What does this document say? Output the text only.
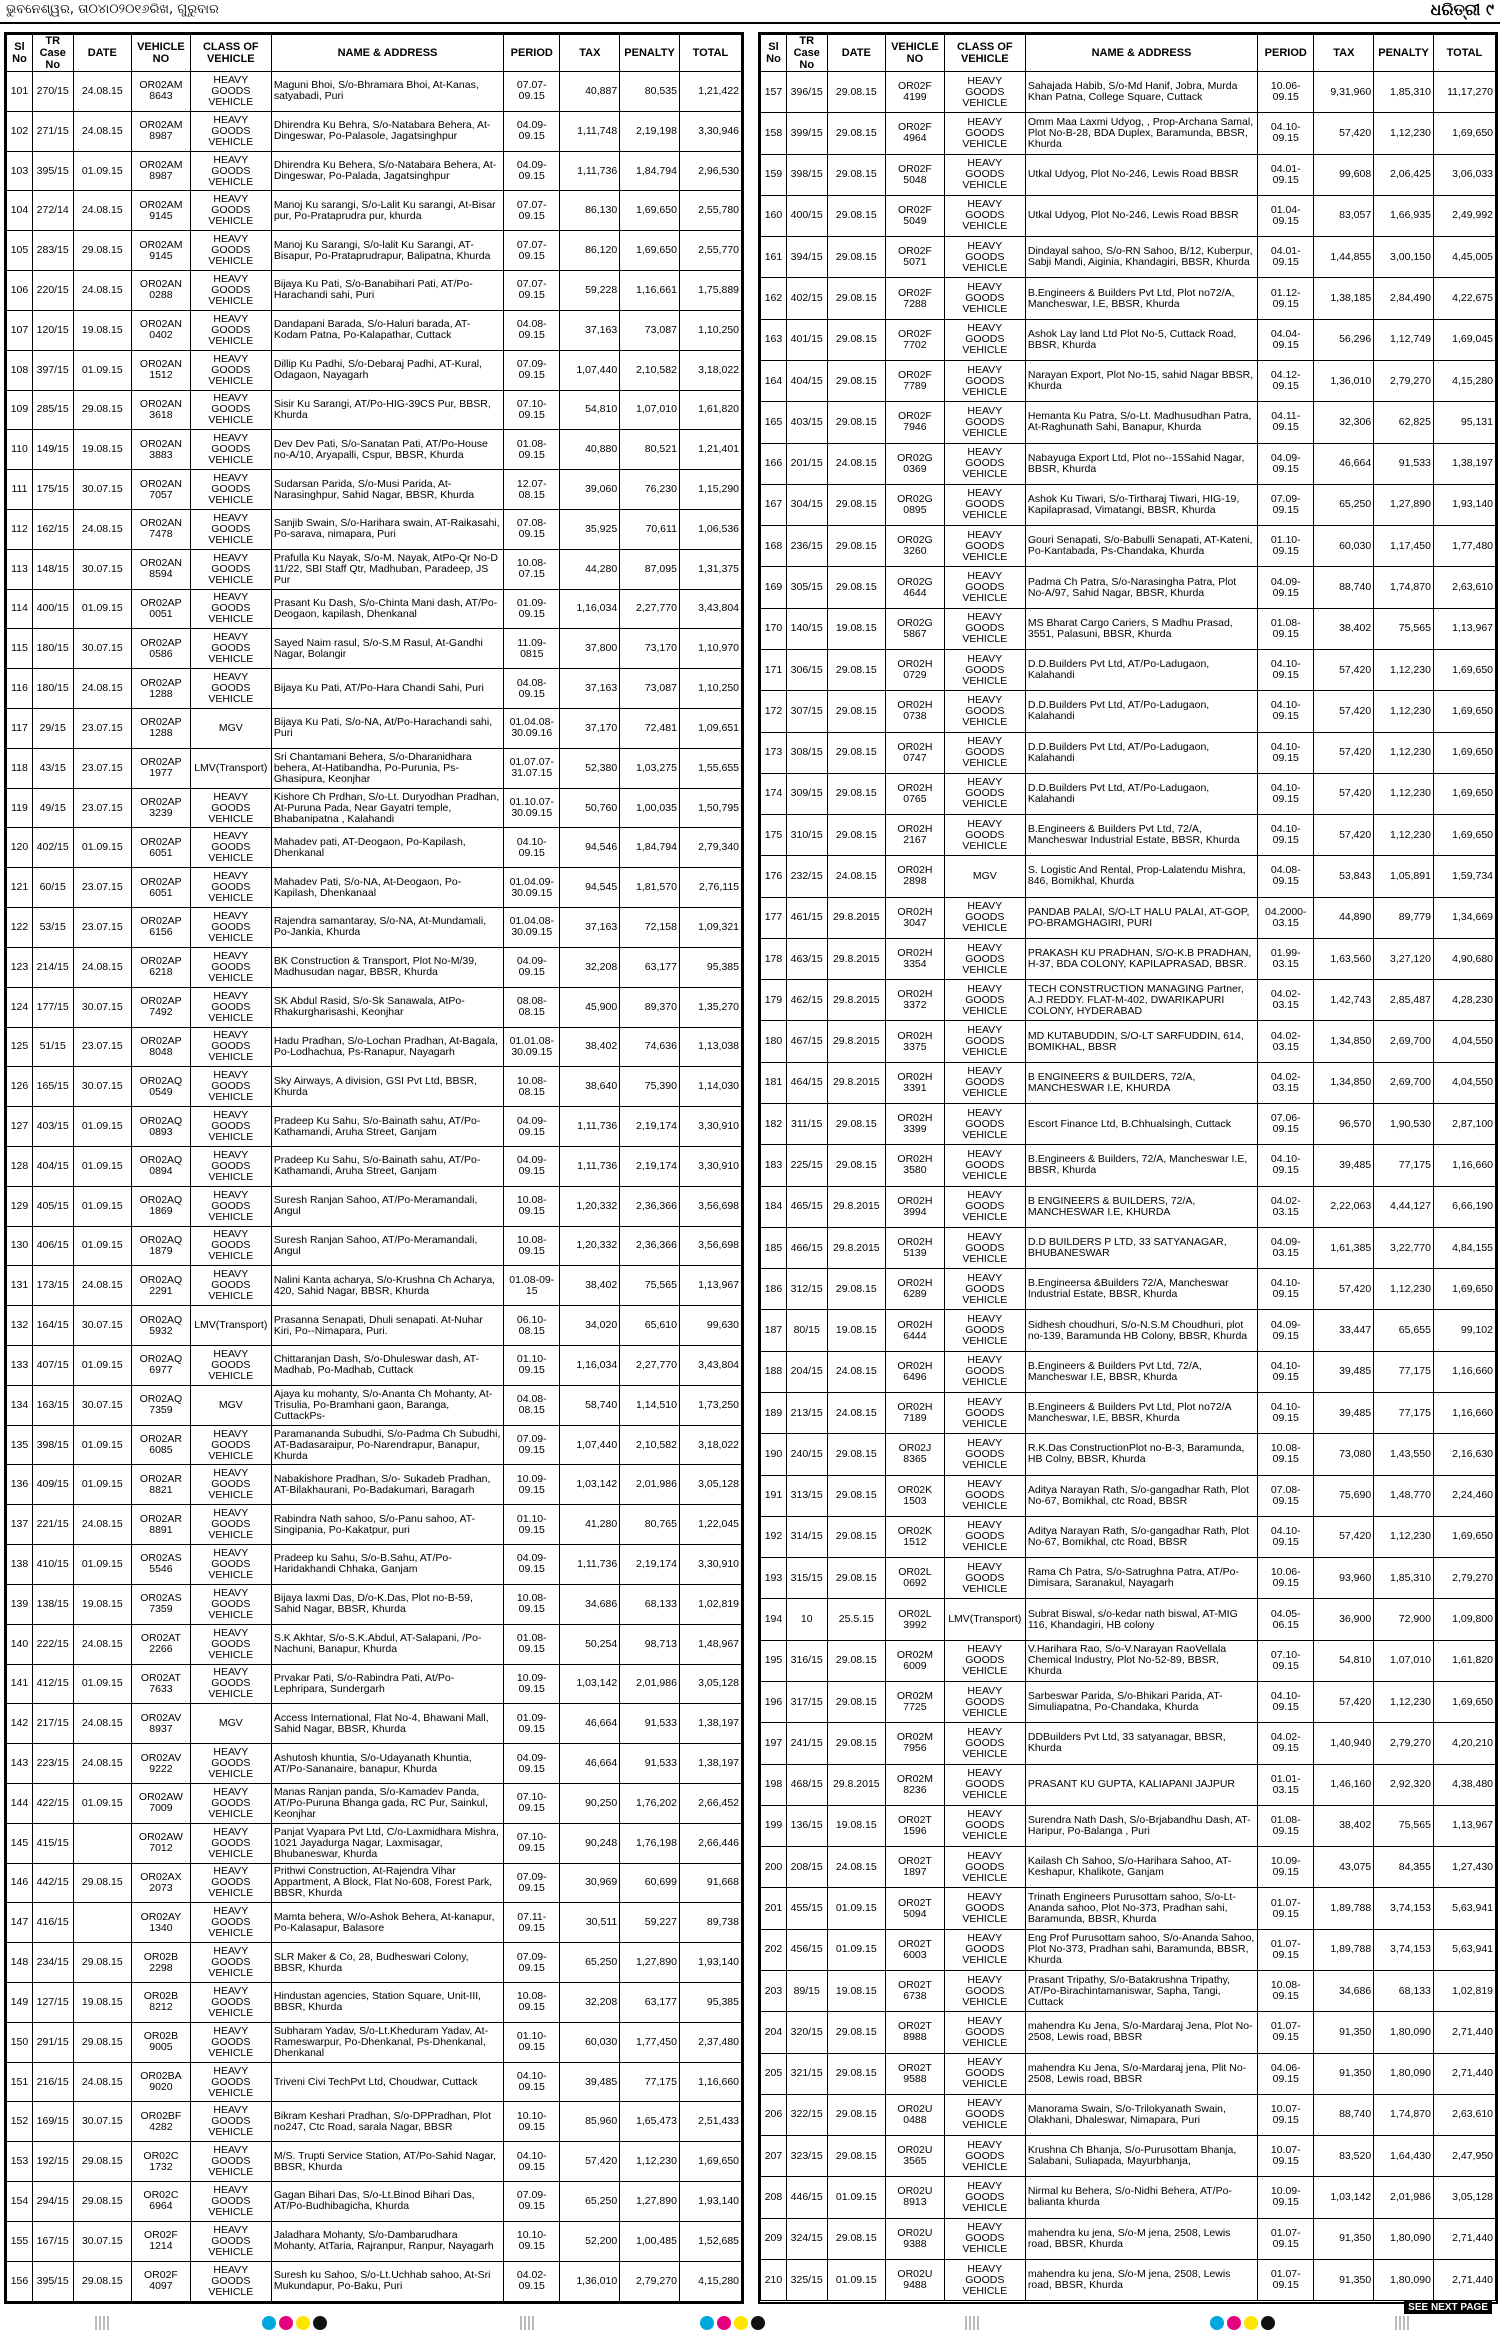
ଭୁବନେଶ୍ୱର, ତା୦୪ା୦୨୦୧୬ରିଖ, ଗୁରୁବାର	ଧରିତ୍ରୀ ୯
Sl No	TR Case No	DATE	VEHICLE NO	CLASS OF VEHICLE	NAME & ADDRESS	PERIOD	TAX	PENALTY	TOTAL
101	270/15	24.08.15	OR02AM 8643	HEAVY GOODS VEHICLE	Maguni Bhoi, S/o-Bhramara Bhoi, At-Kanas, satyabadi, Puri	07.07-09.15	40,887	80,535	1,21,422
102	271/15	24.08.15	OR02AM 8987	HEAVY GOODS VEHICLE	Dhirendra Ku Behra, S/o-Natabara Behera, At-Dingeswar, Po-Palasole, Jagatsinghpur	04.09-09.15	1,11,748	2,19,198	3,30,946
103	395/15	01.09.15	OR02AM 8987	HEAVY GOODS VEHICLE	Dhirendra Ku Behera, S/o-Natabara Behera, At-Dingeswar, Po-Palada, Jagatsinghpur	04.09-09.15	1,11,736	1,84,794	2,96,530
104	272/14	24.08.15	OR02AM 9145	HEAVY GOODS VEHICLE	Manoj Ku sarangi, S/o-Lalit Ku sarangi, At-Bisar pur, Po-Prataprudra pur, khurda	07.07-09.15	86,130	1,69,650	2,55,780
105	283/15	29.08.15	OR02AM 9145	HEAVY GOODS VEHICLE	Manoj Ku Sarangi, S/o-lalit Ku Sarangi, AT-Bisapur, Po-Prataprudrapur, Balipatna, Khurda	07.07-09.15	86,120	1,69,650	2,55,770
106	220/15	24.08.15	OR02AN 0288	HEAVY GOODS VEHICLE	Bijaya Ku Pati, S/o-Banabihari Pati, AT/Po-Harachandi sahi, Puri	07.07-09.15	59,228	1,16,661	1,75,889
107	120/15	19.08.15	OR02AN 0402	HEAVY GOODS VEHICLE	Dandapani Barada, S/o-Haluri barada, AT-Kodam Patna, Po-Kalapathar, Cuttack	04.08-09.15	37,163	73,087	1,10,250
108	397/15	01.09.15	OR02AN 1512	HEAVY GOODS VEHICLE	Dillip Ku Padhi, S/o-Debaraj Padhi, AT-Kural, Odagaon, Nayagarh	07.09-09.15	1,07,440	2,10,582	3,18,022
109	285/15	29.08.15	OR02AN 3618	HEAVY GOODS VEHICLE	Sisir Ku Sarangi, AT/Po-HIG-39CS Pur, BBSR, Khurda	07.10-09.15	54,810	1,07,010	1,61,820
110	149/15	19.08.15	OR02AN 3883	HEAVY GOODS VEHICLE	Dev Dev Pati, S/o-Sanatan Pati, AT/Po-House no-A/10, Aryapalli, Cspur, BBSR, Khurda	01.08-09.15	40,880	80,521	1,21,401
111	175/15	30.07.15	OR02AN 7057	HEAVY GOODS VEHICLE	Sudarsan Parida, S/o-Musi Parida, At-Narasinghpur, Sahid Nagar, BBSR, Khurda	12.07-08.15	39,060	76,230	1,15,290
112	162/15	24.08.15	OR02AN 7478	HEAVY GOODS VEHICLE	Sanjib Swain, S/o-Harihara swain, AT-Raikasahi, Po-sarava, nimapara, Puri	07.08-09.15	35,925	70,611	1,06,536
113	148/15	30.07.15	OR02AN 8594	HEAVY GOODS VEHICLE	Prafulla Ku Nayak, S/o-M. Nayak, AtPo-Qr No-D 11/22, SBI Staff Qtr, Madhuban, Paradeep, JS Pur	10.08-07.15	44,280	87,095	1,31,375
114	400/15	01.09.15	OR02AP 0051	HEAVY GOODS VEHICLE	Prasant Ku Dash, S/o-Chinta Mani dash, AT/Po-Deogaon, kapilash, Dhenkanal	01.09-09.15	1,16,034	2,27,770	3,43,804
115	180/15	30.07.15	OR02AP 0586	HEAVY GOODS VEHICLE	Sayed Naim rasul, S/o-S.M Rasul, At-Gandhi Nagar, Bolangir	11.09-0815	37,800	73,170	1,10,970
116	180/15	24.08.15	OR02AP 1288	HEAVY GOODS VEHICLE	Bijaya Ku Pati, AT/Po-Hara Chandi Sahi, Puri	04.08-09.15	37,163	73,087	1,10,250
117	29/15	23.07.15	OR02AP 1288	MGV	Bijaya Ku Pati, S/o-NA, At/Po-Harachandi sahi, Puri	01.04.08-30.09.16	37,170	72,481	1,09,651
118	43/15	23.07.15	OR02AP 1977	LMV(Transport)	Sri Chantamani Behera, S/o-Dharanidhara behera, At-Hatibandha, Po-Purunia, Ps-Ghasipura, Keonjhar	01.07.07-31.07.15	52,380	1,03,275	1,55,655
119	49/15	23.07.15	OR02AP 3239	HEAVY GOODS VEHICLE	Kishore Ch Prdhan, S/o-Lt. Duryodhan Pradhan, At-Puruna Pada, Near Gayatri temple, Bhabanipatna , Kalahandi	01.10.07-30.09.15	50,760	1,00,035	1,50,795
120	402/15	01.09.15	OR02AP 6051	HEAVY GOODS VEHICLE	Mahadev pati, AT-Deogaon, Po-Kapilash, Dhenkanal	04.10-09.15	94,546	1,84,794	2,79,340
121	60/15	23.07.15	OR02AP 6051	HEAVY GOODS VEHICLE	Mahadev Pati, S/o-NA, At-Deogaon, Po-Kapilash, Dhenkanaal	01.04.09-30.09.15	94,545	1,81,570	2,76,115
122	53/15	23.07.15	OR02AP 6156	HEAVY GOODS VEHICLE	Rajendra samantaray, S/o-NA, At-Mundamali, Po-Jankia, Khurda	01.04.08-30.09.15	37,163	72,158	1,09,321
123	214/15	24.08.15	OR02AP 6218	HEAVY GOODS VEHICLE	BK Construction & Transport, Plot No-M/39, Madhusudan nagar, BBSR, Khurda	04.09-09.15	32,208	63,177	95,385
124	177/15	30.07.15	OR02AP 7492	HEAVY GOODS VEHICLE	SK Abdul Rasid, S/o-Sk Sanawala, AtPo-Rhakurgharisashi, Keonjhar	08.08-08.15	45,900	89,370	1,35,270
125	51/15	23.07.15	OR02AP 8048	HEAVY GOODS VEHICLE	Hadu Pradhan, S/o-Lochan Pradhan, At-Bagala, Po-Lodhachua, Ps-Ranapur, Nayagarh	01.01.08-30.09.15	38,402	74,636	1,13,038
126	165/15	30.07.15	OR02AQ 0549	HEAVY GOODS VEHICLE	Sky Airways, A division, GSI Pvt Ltd, BBSR, Khurda	10.08-08.15	38,640	75,390	1,14,030
127	403/15	01.09.15	OR02AQ 0893	HEAVY GOODS VEHICLE	Pradeep Ku Sahu, S/o-Bainath sahu, AT/Po-Kathamandi, Aruha Street, Ganjam	04.09-09.15	1,11,736	2,19,174	3,30,910
128	404/15	01.09.15	OR02AQ 0894	HEAVY GOODS VEHICLE	Pradeep Ku Sahu, S/o-Bainath sahu, AT/Po-Kathamandi, Aruha Street, Ganjam	04.09-09.15	1,11,736	2,19,174	3,30,910
129	405/15	01.09.15	OR02AQ 1869	HEAVY GOODS VEHICLE	Suresh Ranjan Sahoo, AT/Po-Meramandali, Angul	10.08-09.15	1,20,332	2,36,366	3,56,698
130	406/15	01.09.15	OR02AQ 1879	HEAVY GOODS VEHICLE	Suresh Ranjan Sahoo, AT/Po-Meramandali, Angul	10.08-09.15	1,20,332	2,36,366	3,56,698
131	173/15	24.08.15	OR02AQ 2291	HEAVY GOODS VEHICLE	Nalini Kanta acharya, S/o-Krushna Ch Acharya, 420, Sahid Nagar, BBSR, Khurda	01.08-09-15	38,402	75,565	1,13,967
132	164/15	30.07.15	OR02AQ 5932	LMV(Transport)	Prasanna Senapati, Dhuli senapati. At-Nuhar Kiri, Po--Nimapara, Puri.	06.10-08.15	34,020	65,610	99,630
133	407/15	01.09.15	OR02AQ 6977	HEAVY GOODS VEHICLE	Chittaranjan Dash, S/o-Dhuleswar dash, AT-Madhab, Po-Madhab, Cuttack	01.10-09.15	1,16,034	2,27,770	3,43,804
134	163/15	30.07.15	OR02AQ 7359	MGV	Ajaya ku mohanty, S/o-Ananta Ch Mohanty, At-Trisulia, Po-Bramhani gaon, Baranga, CuttackPs-	04.08-08.15	58,740	1,14,510	1,73,250
135	398/15	01.09.15	OR02AR 6085	HEAVY GOODS VEHICLE	Paramananda Subudhi, S/o-Padma Ch Subudhi, AT-Badasaraipur, Po-Narendrapur, Banapur, Khurda	07.09-09.15	1,07,440	2,10,582	3,18,022
136	409/15	01.09.15	OR02AR 8821	HEAVY GOODS VEHICLE	Nabakishore Pradhan, S/o- Sukadeb Pradhan, AT-Bilakhaurani, Po-Badakumari, Baragarh	10.09-09.15	1,03,142	2,01,986	3,05,128
137	221/15	24.08.15	OR02AR 8891	HEAVY GOODS VEHICLE	Rabindra Nath sahoo, S/o-Panu sahoo, AT-Singipania, Po-Kakatpur, puri	01.10-09.15	41,280	80,765	1,22,045
138	410/15	01.09.15	OR02AS 5546	HEAVY GOODS VEHICLE	Pradeep ku Sahu, S/o-B.Sahu, AT/Po-Haridakhandi Chhaka, Ganjam	04.09-09.15	1,11,736	2,19,174	3,30,910
139	138/15	19.08.15	OR02AS 7359	HEAVY GOODS VEHICLE	Bijaya laxmi Das, D/o-K.Das, Plot no-B-59, Sahid Nagar, BBSR, Khurda	10.08-09.15	34,686	68,133	1,02,819
140	222/15	24.08.15	OR02AT 2266	HEAVY GOODS VEHICLE	S.K Akhtar, S/o-S.K.Abdul, AT-Salapani, /Po-Nachuni, Banapur, Khurda	01.08-09.15	50,254	98,713	1,48,967
141	412/15	01.09.15	OR02AT 7633	HEAVY GOODS VEHICLE	Prvakar Pati, S/o-Rabindra Pati, At/Po-Lephripara, Sundergarh	10.09-09.15	1,03,142	2,01,986	3,05,128
142	217/15	24.08.15	OR02AV 8937	MGV	Access International, Flat No-4, Bhawani Mall, Sahid Nagar, BBSR, Khurda	01.09-09.15	46,664	91,533	1,38,197
143	223/15	24.08.15	OR02AV 9222	HEAVY GOODS VEHICLE	Ashutosh khuntia, S/o-Udayanath Khuntia, AT/Po-Sananaire, banapur, Khurda	04.09-09.15	46,664	91,533	1,38,197
144	422/15	01.09.15	OR02AW 7009	HEAVY GOODS VEHICLE	Manas Ranjan panda, S/o-Kamadev Panda, AT/Po-Puruna Bhanga gada, RC Pur, Sainkul, Keonjhar	07.10-09.15	90,250	1,76,202	2,66,452
145	415/15		OR02AW 7012	HEAVY GOODS VEHICLE	Panjat Vyapara Pvt Ltd, C/o-Laxmidhara Mishra, 1021 Jayadurga Nagar, Laxmisagar, Bhubaneswar, Khurda	07.10-09.15	90,248	1,76,198	2,66,446
146	442/15	29.08.15	OR02AX 2073	HEAVY GOODS VEHICLE	Prithwi Construction, At-Rajendra Vihar Appartment, A Block, Flat No-608, Forest Park, BBSR, Khurda	07.09-09.15	30,969	60,699	91,668
147	416/15		OR02AY 1340	HEAVY GOODS VEHICLE	Mamta behera, W/o-Ashok Behera, At-kanapur, Po-Kalasapur, Balasore	07.11-09.15	30,511	59,227	89,738
148	234/15	29.08.15	OR02B 2298	HEAVY GOODS VEHICLE	SLR Maker & Co, 28, Budheswari Colony, BBSR, Khurda	07.09-09.15	65,250	1,27,890	1,93,140
149	127/15	19.08.15	OR02B 8212	HEAVY GOODS VEHICLE	Hindustan agencies, Station Square, Unit-III, BBSR, Khurda	10.08-09.15	32,208	63,177	95,385
150	291/15	29.08.15	OR02B 9005	HEAVY GOODS VEHICLE	Subharam Yadav, S/o-Lt.Kheduram Yadav, At-Rameswarpur, Po-Dhenkanal, Ps-Dhenkanal, Dhenkanal	01.10-09.15	60,030	1,77,450	2,37,480
151	216/15	24.08.15	OR02BA 9020	HEAVY GOODS VEHICLE	Triveni Civi TechPvt Ltd, Choudwar, Cuttack	04.10-09.15	39,485	77,175	1,16,660
152	169/15	30.07.15	OR02BF 4282	HEAVY GOODS VEHICLE	Bikram Keshari Pradhan, S/o-DPPradhan, Plot no247, Ctc Road, sarala Nagar, BBSR	10.10-09.15	85,960	1,65,473	2,51,433
153	192/15	29.08.15	OR02C 1732	HEAVY GOODS VEHICLE	M/S. Trupti Service Station, AT/Po-Sahid Nagar, BBSR, Khurda	04.10-09.15	57,420	1,12,230	1,69,650
154	294/15	29.08.15	OR02C 6964	HEAVY GOODS VEHICLE	Gagan Bihari Das, S/o-Lt.Binod Bihari Das, AT/Po-Budhibagicha, Khurda	07.09-09.15	65,250	1,27,890	1,93,140
155	167/15	30.07.15	OR02F 1214	HEAVY GOODS VEHICLE	Jaladhara Mohanty, S/o-Dambarudhara Mohanty, AtTaria, Rajranpur, Ranpur, Nayagarh	10.10-09.15	52,200	1,00,485	1,52,685
156	395/15	29.08.15	OR02F 4097	HEAVY GOODS VEHICLE	Suresh ku Sahoo, S/o-Lt.Uchhab sahoo, At-Sri Mukundapur, Po-Baku, Puri	04.02-09.15	1,36,010	2,79,270	4,15,280
Sl No	TR Case No	DATE	VEHICLE NO	CLASS OF VEHICLE	NAME & ADDRESS	PERIOD	TAX	PENALTY	TOTAL
157	396/15	29.08.15	OR02F 4199	HEAVY GOODS VEHICLE	Sahajada Habib, S/o-Md Hanif, Jobra, Murda Khan Patna, College Square, Cuttack	10.06-09.15	9,31,960	1,85,310	11,17,270
158	399/15	29.08.15	OR02F 4964	HEAVY GOODS VEHICLE	Omm Maa Laxmi Udyog, , Prop-Archana Samal, Plot No-B-28, BDA Duplex, Baramunda, BBSR, Khurda	04.10-09.15	57,420	1,12,230	1,69,650
159	398/15	29.08.15	OR02F 5048	HEAVY GOODS VEHICLE	Utkal Udyog, Plot No-246, Lewis Road BBSR	04.01-09.15	99,608	2,06,425	3,06,033
160	400/15	29.08.15	OR02F 5049	HEAVY GOODS VEHICLE	Utkal Udyog, Plot No-246, Lewis Road BBSR	01.04-09.15	83,057	1,66,935	2,49,992
161	394/15	29.08.15	OR02F 5071	HEAVY GOODS VEHICLE	Dindayal sahoo, S/o-RN Sahoo, B/12, Kuberpur, Sabji Mandi, Aiginia, Khandagiri, BBSR, Khurda	04.01-09.15	1,44,855	3,00,150	4,45,005
162	402/15	29.08.15	OR02F 7288	HEAVY GOODS VEHICLE	B.Engineers & Builders Pvt Ltd, Plot no72/A, Mancheswar, I.E, BBSR, Khurda	01.12-09.15	1,38,185	2,84,490	4,22,675
163	401/15	29.08.15	OR02F 7702	HEAVY GOODS VEHICLE	Ashok Lay land Ltd Plot No-5, Cuttack Road, BBSR, Khurda	04.04-09.15	56,296	1,12,749	1,69,045
164	404/15	29.08.15	OR02F 7789	HEAVY GOODS VEHICLE	Narayan Export, Plot No-15, sahid Nagar BBSR, Khurda	04.12-09.15	1,36,010	2,79,270	4,15,280
165	403/15	29.08.15	OR02F 7946	HEAVY GOODS VEHICLE	Hemanta Ku Patra, S/o-Lt. Madhusudhan Patra, At-Raghunath Sahi, Banapur, Khurda	04.11-09.15	32,306	62,825	95,131
166	201/15	24.08.15	OR02G 0369	HEAVY GOODS VEHICLE	Nabayuga Export Ltd, Plot no--15Sahid Nagar, BBSR, Khurda	04.09-09.15	46,664	91,533	1,38,197
167	304/15	29.08.15	OR02G 0895	HEAVY GOODS VEHICLE	Ashok Ku Tiwari, S/o-Tirtharaj Tiwari, HIG-19, Kapilaprasad, Vimatangi, BBSR, Khurda	07.09-09.15	65,250	1,27,890	1,93,140
168	236/15	29.08.15	OR02G 3260	HEAVY GOODS VEHICLE	Gouri Senapati, S/o-Babulli Senapati, AT-Kateni, Po-Kantabada, Ps-Chandaka, Khurda	01.10-09.15	60,030	1,17,450	1,77,480
169	305/15	29.08.15	OR02G 4644	HEAVY GOODS VEHICLE	Padma Ch Patra, S/o-Narasingha Patra, Plot No-A/97, Sahid Nagar, BBSR, Khurda	04.09-09.15	88,740	1,74,870	2,63,610
170	140/15	19.08.15	OR02G 5867	HEAVY GOODS VEHICLE	MS Bharat Cargo Cariers, S Madhu Prasad, 3551, Palasuni, BBSR, Khurda	01.08-09.15	38,402	75,565	1,13,967
171	306/15	29.08.15	OR02H 0729	HEAVY GOODS VEHICLE	D.D.Builders Pvt Ltd, AT/Po-Ladugaon, Kalahandi	04.10-09.15	57,420	1,12,230	1,69,650
172	307/15	29.08.15	OR02H 0738	HEAVY GOODS VEHICLE	D.D.Builders Pvt Ltd, AT/Po-Ladugaon, Kalahandi	04.10-09.15	57,420	1,12,230	1,69,650
173	308/15	29.08.15	OR02H 0747	HEAVY GOODS VEHICLE	D.D.Builders Pvt Ltd, AT/Po-Ladugaon, Kalahandi	04.10-09.15	57,420	1,12,230	1,69,650
174	309/15	29.08.15	OR02H 0765	HEAVY GOODS VEHICLE	D.D.Builders Pvt Ltd, AT/Po-Ladugaon, Kalahandi	04.10-09.15	57,420	1,12,230	1,69,650
175	310/15	29.08.15	OR02H 2167	HEAVY GOODS VEHICLE	B.Engineers & Builders Pvt Ltd, 72/A, Mancheswar Industrial Estate, BBSR, Khurda	04.10-09.15	57,420	1,12,230	1,69,650
176	232/15	24.08.15	OR02H 2898	MGV	S. Logistic And Rental, Prop-Lalatendu Mishra, 846, Bomikhal, Khurda	04.08-09.15	53,843	1,05,891	1,59,734
177	461/15	29.8.2015	OR02H 3047	HEAVY GOODS VEHICLE	PANDAB PALAI, S/O-LT HALU PALAI, AT-GOP, PO-BRAMGHAGIRI, PURI	04.2000-03.15	44,890	89,779	1,34,669
178	463/15	29.8.2015	OR02H 3354	HEAVY GOODS VEHICLE	PRAKASH KU PRADHAN, S/O-K.B PRADHAN, H-37, BDA COLONY, KAPILAPRASAD, BBSR.	01.99-03.15	1,63,560	3,27,120	4,90,680
179	462/15	29.8.2015	OR02H 3372	HEAVY GOODS VEHICLE	TECH CONSTRUCTION MANAGING Partner, A.J REDDY. FLAT-M-402, DWARIKAPURI COLONY, HYDERABAD	04.02-03.15	1,42,743	2,85,487	4,28,230
180	467/15	29.8.2015	OR02H 3375	HEAVY GOODS VEHICLE	MD KUTABUDDIN, S/O-LT SARFUDDIN, 614, BOMIKHAL, BBSR	04.02-03.15	1,34,850	2,69,700	4,04,550
181	464/15	29.8.2015	OR02H 3391	HEAVY GOODS VEHICLE	B ENGINEERS & BUILDERS, 72/A, MANCHESWAR I.E, KHURDA	04.02-03.15	1,34,850	2,69,700	4,04,550
182	311/15	29.08.15	OR02H 3399	HEAVY GOODS VEHICLE	Escort Finance Ltd, B.Chhualsingh, Cuttack	07.06-09.15	96,570	1,90,530	2,87,100
183	225/15	29.08.15	OR02H 3580	HEAVY GOODS VEHICLE	B.Engineers & Builders, 72/A, Mancheswar I.E, BBSR, Khurda	04.10-09.15	39,485	77,175	1,16,660
184	465/15	29.8.2015	OR02H 3994	HEAVY GOODS VEHICLE	B ENGINEERS & BUILDERS, 72/A, MANCHESWAR I.E, KHURDA	04.02-03.15	2,22,063	4,44,127	6,66,190
185	466/15	29.8.2015	OR02H 5139	HEAVY GOODS VEHICLE	D.D BUILDERS P LTD, 33 SATYANAGAR, BHUBANESWAR	04.09-03.15	1,61,385	3,22,770	4,84,155
186	312/15	29.08.15	OR02H 6289	HEAVY GOODS VEHICLE	B.Engineersa &Builders 72/A, Mancheswar Industrial Estate, BBSR, Khurda	04.10-09.15	57,420	1,12,230	1,69,650
187	80/15	19.08.15	OR02H 6444	HEAVY GOODS VEHICLE	Sidhesh choudhuri, S/o-N.S.M Choudhuri, plot no-139, Baramunda HB Colony, BBSR, Khurda	04.09-09.15	33,447	65,655	99,102
188	204/15	24.08.15	OR02H 6496	HEAVY GOODS VEHICLE	B.Engineers & Builders Pvt Ltd, 72/A, Mancheswar I.E, BBSR, Khurda	04.10-09.15	39,485	77,175	1,16,660
189	213/15	24.08.15	OR02H 7189	HEAVY GOODS VEHICLE	B.Engineers & Builders Pvt Ltd, Plot no72/A Mancheswar, I.E, BBSR, Khurda	04.10-09.15	39,485	77,175	1,16,660
190	240/15	29.08.15	OR02J 8365	HEAVY GOODS VEHICLE	R.K.Das ConstructionPlot no-B-3, Baramunda, HB Colny, BBSR, Khurda	10.08-09.15	73,080	1,43,550	2,16,630
191	313/15	29.08.15	OR02K 1503	HEAVY GOODS VEHICLE	Aditya Narayan Rath, S/o-gangadhar Rath, Plot No-67, Bomikhal, ctc Road, BBSR	07.08-09.15	75,690	1,48,770	2,24,460
192	314/15	29.08.15	OR02K 1512	HEAVY GOODS VEHICLE	Aditya Narayan Rath, S/o-gangadhar Rath, Plot No-67, Bomikhal, ctc Road, BBSR	04.10-09.15	57,420	1,12,230	1,69,650
193	315/15	29.08.15	OR02L 0692	HEAVY GOODS VEHICLE	Rama Ch Patra, S/o-Satrughna Patra, AT/Po-Dimisara, Saranakul, Nayagarh	10.06-09.15	93,960	1,85,310	2,79,270
194	10	25.5.15	OR02L 3992	LMV(Transport)	Subrat Biswal, s/o-kedar nath biswal, AT-MIG 116, Khandagiri, HB colony	04.05-06.15	36,900	72,900	1,09,800
195	316/15	29.08.15	OR02M 6009	HEAVY GOODS VEHICLE	V.Harihara Rao, S/o-V.Narayan RaoVellala Chemical Industry, Plot No-52-89, BBSR, Khurda	07.10-09.15	54,810	1,07,010	1,61,820
196	317/15	29.08.15	OR02M 7725	HEAVY GOODS VEHICLE	Sarbeswar Parida, S/o-Bhikari Parida, AT-Simuliapatna, Po-Chandaka, Khurda	04.10-09.15	57,420	1,12,230	1,69,650
197	241/15	29.08.15	OR02M 7956	HEAVY GOODS VEHICLE	DDBuilders Pvt Ltd, 33 satyanagar, BBSR, Khurda	04.02-09.15	1,40,940	2,79,270	4,20,210
198	468/15	29.8.2015	OR02M 8236	HEAVY GOODS VEHICLE	PRASANT KU GUPTA, KALIAPANI JAJPUR	01.01-03.15	1,46,160	2,92,320	4,38,480
199	136/15	19.08.15	OR02T 1596	HEAVY GOODS VEHICLE	Surendra Nath Dash, S/o-Brjabandhu Dash, AT-Haripur, Po-Balanga , Puri	01.08-09.15	38,402	75,565	1,13,967
200	208/15	24.08.15	OR02T 1897	HEAVY GOODS VEHICLE	Kailash Ch Sahoo, S/o-Harihara Sahoo, AT-Keshapur, Khalikote, Ganjam	10.09-09.15	43,075	84,355	1,27,430
201	455/15	01.09.15	OR02T 5094	HEAVY GOODS VEHICLE	Trinath Engineers Purusottam sahoo, S/o-Lt-Ananda sahoo, Plot No-373, Pradhan sahi, Baramunda, BBSR, Khurda	01.07-09.15	1,89,788	3,74,153	5,63,941
202	456/15	01.09.15	OR02T 6003	HEAVY GOODS VEHICLE	Eng Prof Purusottam sahoo, S/o-Ananda Sahoo, Plot No-373, Pradhan sahi, Baramunda, BBSR, Khurda	01.07-09.15	1,89,788	3,74,153	5,63,941
203	89/15	19.08.15	OR02T 6738	HEAVY GOODS VEHICLE	Prasant Tripathy, S/o-Batakrushna Tripathy, AT/Po-Birachintamaniswar, Sapha, Tangi, Cuttack	10.08-09.15	34,686	68,133	1,02,819
204	320/15	29.08.15	OR02T 8988	HEAVY GOODS VEHICLE	mahendra Ku Jena, S/o-Mardaraj Jena, Plot No-2508, Lewis road, BBSR	01.07-09.15	91,350	1,80,090	2,71,440
205	321/15	29.08.15	OR02T 9588	HEAVY GOODS VEHICLE	mahendra Ku Jena, S/o-Mardaraj jena, Plit No-2508, Lewis road, BBSR	04.06-09.15	91,350	1,80,090	2,71,440
206	322/15	29.08.15	OR02U 0488	HEAVY GOODS VEHICLE	Manorama Swain, S/o-Trilokyanath Swain, Olakhani, Dhaleswar, Nimapara, Puri	10.07-09.15	88,740	1,74,870	2,63,610
207	323/15	29.08.15	OR02U 3565	HEAVY GOODS VEHICLE	Krushna Ch Bhanja, S/o-Purusottam Bhanja, Salabani, Suliapada, Mayurbhanja,	10.07-09.15	83,520	1,64,430	2,47,950
208	446/15	01.09.15	OR02U 8913	HEAVY GOODS VEHICLE	Nirmal ku Behera, S/o-Nidhi Behera, AT/Po-balianta khurda	10.09-09.15	1,03,142	2,01,986	3,05,128
209	324/15	29.08.15	OR02U 9388	HEAVY GOODS VEHICLE	mahendra ku jena, S/o-M jena, 2508, Lewis road, BBSR, Khurda	01.07-09.15	91,350	1,80,090	2,71,440
210	325/15	01.09.15	OR02U 9488	HEAVY GOODS VEHICLE	mahendra ku jena, S/o-M jena, 2508, Lewis road, BBSR, Khurda	01.07-09.15	91,350	1,80,090	2,71,440
SEE NEXT PAGE
